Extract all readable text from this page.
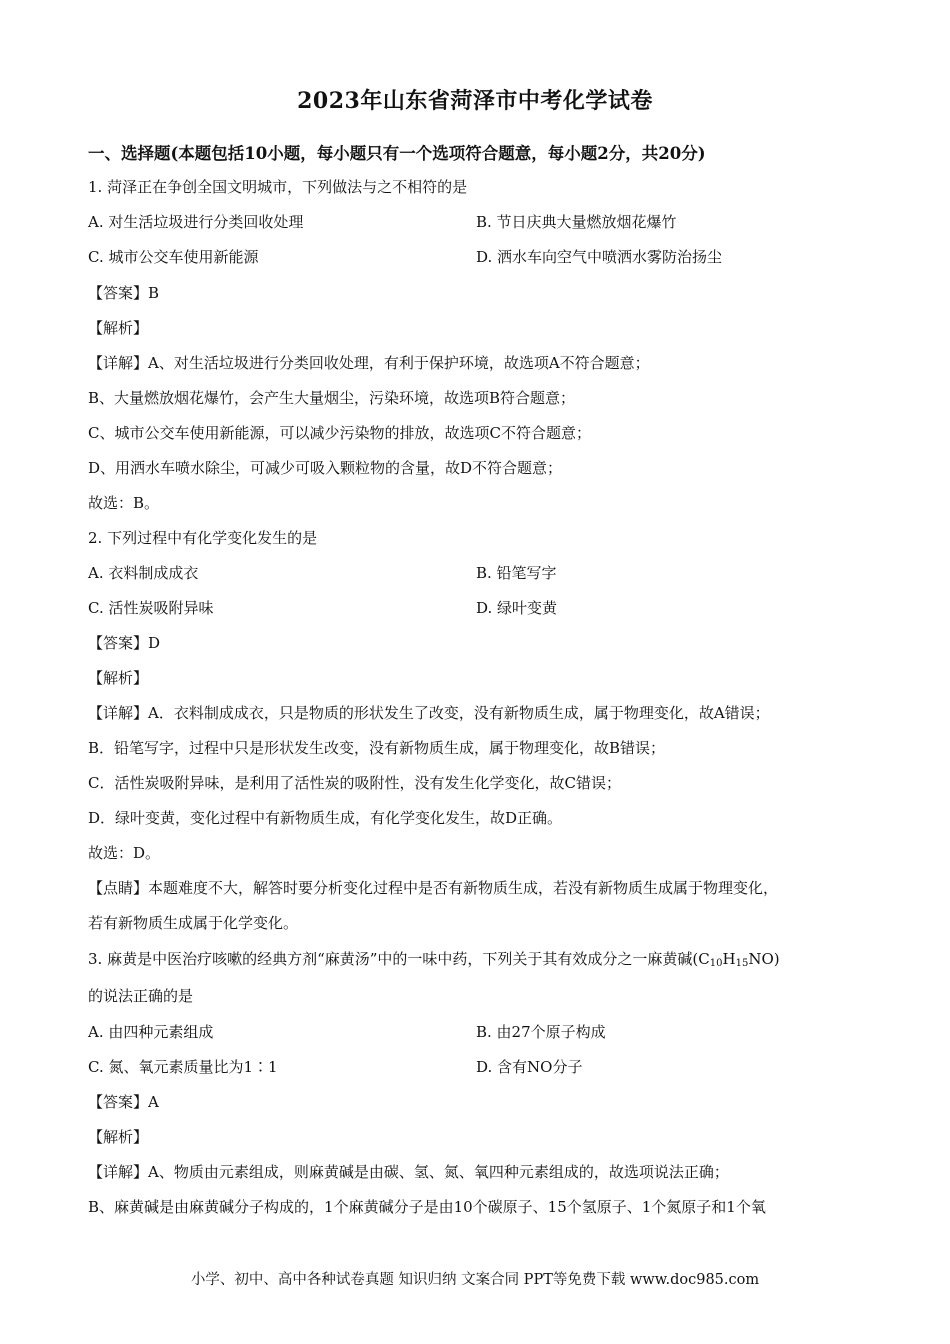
2023年山东省菏泽市中考化学试卷
一、选择题(本题包括10小题，每小题只有一个选项符合题意，每小题2分，共20分)
1. 菏泽正在争创全国文明城市，下列做法与之不相符的是
A. 对生活垃圾进行分类回收处理	B. 节日庆典大量燃放烟花爆竹
C. 城市公交车使用新能源	D. 洒水车向空气中喷洒水雾防治扬尘
【答案】B
【解析】
【详解】A、对生活垃圾进行分类回收处理，有利于保护环境，故选项A不符合题意；
B、大量燃放烟花爆竹，会产生大量烟尘，污染环境，故选项B符合题意；
C、城市公交车使用新能源，可以减少污染物的排放，故选项C不符合题意；
D、用洒水车喷水除尘，可减少可吸入颗粒物的含量，故D不符合题意；
故选：B。
2. 下列过程中有化学变化发生的是
A. 衣料制成成衣	B. 铅笔写字
C. 活性炭吸附异味	D. 绿叶变黄
【答案】D
【解析】
【详解】A．衣料制成成衣，只是物质的形状发生了改变，没有新物质生成，属于物理变化，故A错误；
B．铅笔写字，过程中只是形状发生改变，没有新物质生成，属于物理变化，故B错误；
C．活性炭吸附异味，是利用了活性炭的吸附性，没有发生化学变化，故C错误；
D．绿叶变黄，变化过程中有新物质生成，有化学变化发生，故D正确。
故选：D。
【点睛】本题难度不大，解答时要分析变化过程中是否有新物质生成，若没有新物质生成属于物理变化，
若有新物质生成属于化学变化。
3. 麻黄是中医治疗咳嗽的经典方剂“麻黄汤”中的一味中药，下列关于其有效成分之一麻黄碱$(C_{10}H_{15}NO)$
的说法正确的是
A. 由四种元素组成	B. 由27个原子构成
C. 氮、氧元素质量比为1∶1	D. 含有NO分子
【答案】A
【解析】
【详解】A、物质由元素组成，则麻黄碱是由碳、氢、氮、氧四种元素组成的，故选项说法正确；
B、麻黄碱是由麻黄碱分子构成的，1个麻黄碱分子是由10个碳原子、15个氢原子、1个氮原子和1个氧
小学、初中、高中各种试卷真题 知识归纳 文案合同 PPT等免费下载 www.doc985.com
